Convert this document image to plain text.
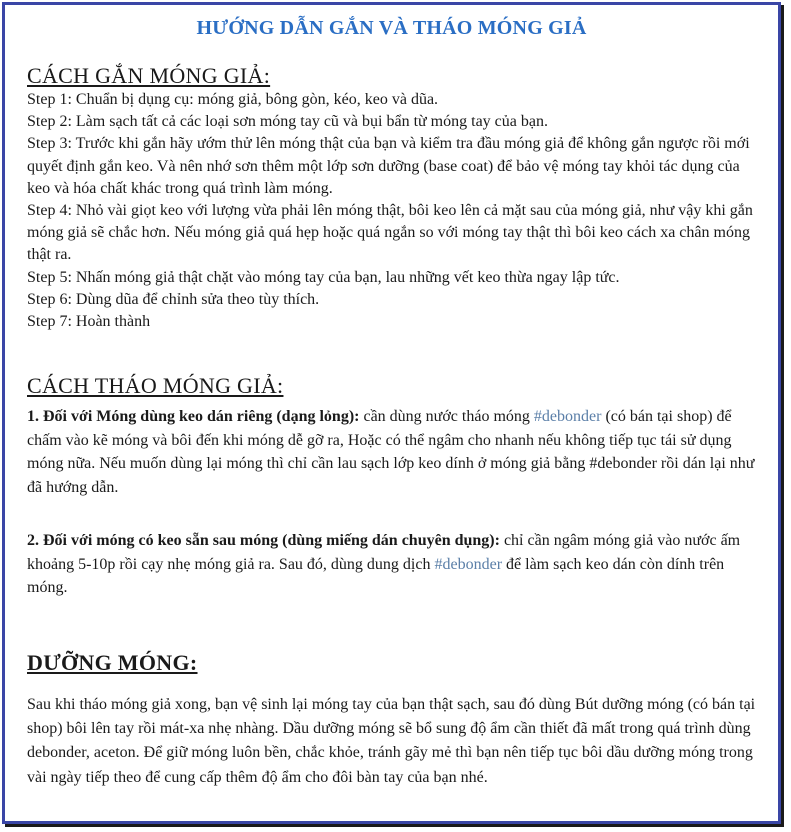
HƯỚNG DẪN GẮN VÀ THÁO MÓNG GIẢ
CÁCH GẮN MÓNG GIẢ:
Step 1: Chuẩn bị dụng cụ: móng giả, bông gòn, kéo, keo và dũa.
Step 2: Làm sạch tất cả các loại sơn móng tay cũ và bụi bẩn từ móng tay của bạn.
Step 3: Trước khi gắn hãy ướm thử lên móng thật của bạn và kiểm tra đầu móng giả để không gắn ngược rồi mới quyết định gắn keo. Và nên nhớ sơn thêm một lớp sơn dưỡng (base coat) để bảo vệ móng tay khỏi tác dụng của keo và hóa chất khác trong quá trình làm móng.
Step 4: Nhỏ vài giọt keo với lượng vừa phải lên móng thật, bôi keo lên cả mặt sau của móng giả, như vậy khi gắn móng giả sẽ chắc hơn. Nếu móng giả quá hẹp hoặc quá ngắn so với móng tay thật thì bôi keo cách xa chân móng thật ra.
Step 5: Nhấn móng giả thật chặt vào móng tay của bạn, lau những vết keo thừa ngay lập tức.
Step 6: Dùng dũa để chỉnh sửa theo tùy thích.
Step 7: Hoàn thành
CÁCH THÁO MÓNG GIẢ:

1. Đối với Móng dùng keo dán riêng (dạng lỏng): cần dùng nước tháo móng #debonder (có bán tại shop) để chấm vào kẽ móng và bôi đến khi móng dễ gỡ ra, Hoặc có thể ngâm cho nhanh nếu không tiếp tục tái sử dụng móng nữa. Nếu muốn dùng lại móng thì chỉ cần lau sạch lớp keo dính ở móng giả bằng #debonder rồi dán lại như đã hướng dẫn.

2. Đối với móng có keo sẵn sau móng (dùng miếng dán chuyên dụng): chỉ cần ngâm móng giả vào nước ấm khoảng 5-10p rồi cạy nhẹ móng giả ra. Sau đó, dùng dung dịch #debonder để làm sạch keo dán còn dính trên móng.

DƯỠNG MÓNG:

Sau khi tháo móng giả xong, bạn vệ sinh lại móng tay của bạn thật sạch, sau đó dùng Bút dưỡng móng (có bán tại shop) bôi lên tay rồi mát-xa nhẹ nhàng. Dầu dưỡng móng sẽ bổ sung độ ẩm cần thiết đã mất trong quá trình dùng debonder, aceton. Để giữ móng luôn bền, chắc khỏe, tránh gãy mẻ thì bạn nên tiếp tục bôi dầu dưỡng móng trong vài ngày tiếp theo để cung cấp thêm độ ẩm cho đôi bàn tay của bạn nhé.
